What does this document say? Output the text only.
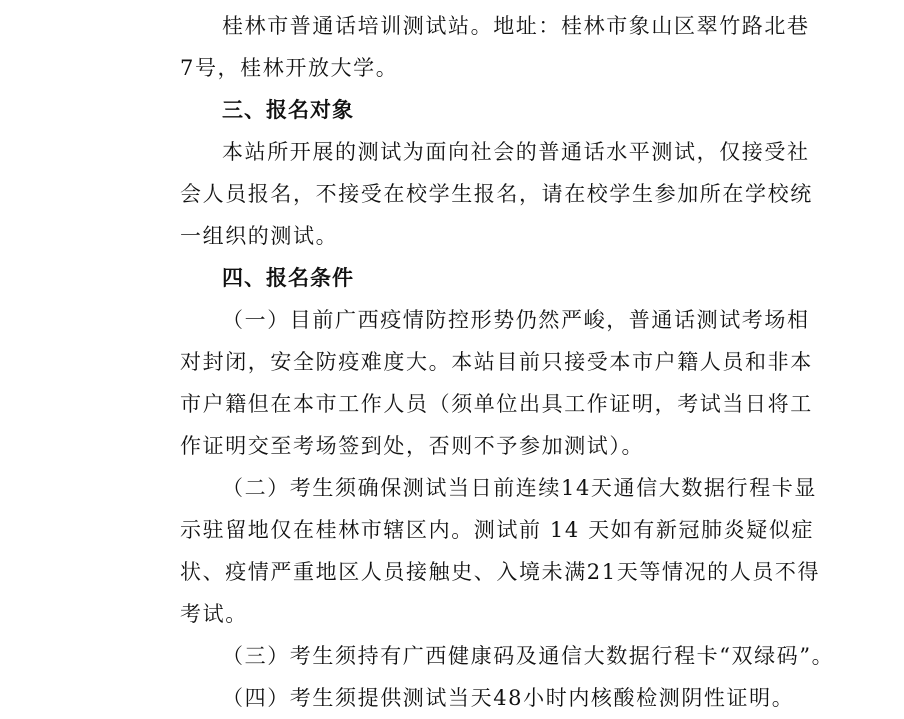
桂林市普通话培训测试站。地址：桂林市象山区翠竹路北巷
7号，桂林开放大学。
三、报名对象
本站所开展的测试为面向社会的普通话水平测试，仅接受社
会人员报名，不接受在校学生报名，请在校学生参加所在学校统
一组织的测试。
四、报名条件
（一）目前广西疫情防控形势仍然严峻，普通话测试考场相
对封闭，安全防疫难度大。本站目前只接受本市户籍人员和非本
市户籍但在本市工作人员（须单位出具工作证明，考试当日将工
作证明交至考场签到处，否则不予参加测试）。
（二）考生须确保测试当日前连续14天通信大数据行程卡显
示驻留地仅在桂林市辖区内。测试前 14 天如有新冠肺炎疑似症
状、疫情严重地区人员接触史、入境未满21天等情况的人员不得
考试。
（三）考生须持有广西健康码及通信大数据行程卡“双绿码”。
（四）考生须提供测试当天48小时内核酸检测阴性证明。
